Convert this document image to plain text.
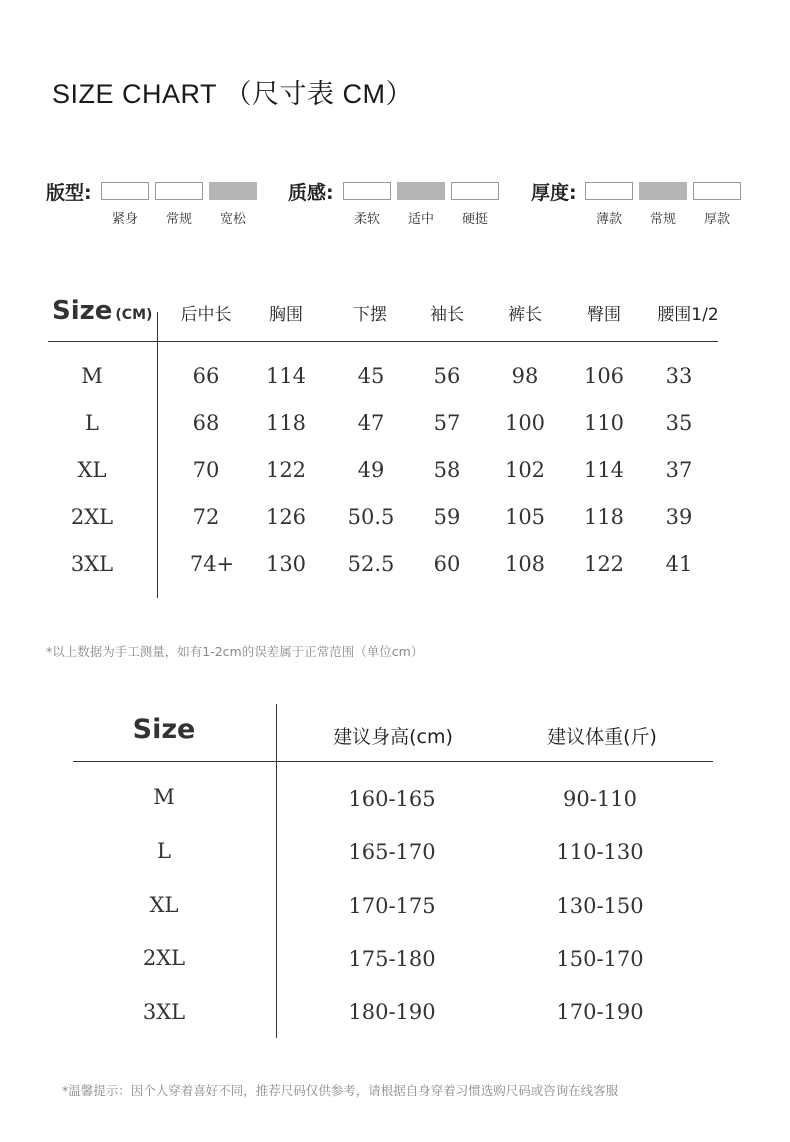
SIZE CHART （尺寸表 CM）
版型:
紧身	常规	宽松
质感:
柔软	适中	硬挺
厚度:
薄款	常规	厚款
Size (CM)	后中长	胸围	下摆	袖长	裤长	臀围	腰围1/2
M	66	114	45	56	98	106	33
L	68	118	47	57	100	110	35
XL	70	122	49	58	102	114	37
2XL	72	126	50.5	59	105	118	39
3XL	74+	130	52.5	60	108	122	41
*以上数据为手工测量，如有1-2cm的误差属于正常范围（单位cm）
Size	建议身高(cm)	建议体重(斤)
M	160-165	90-110
L	165-170	110-130
XL	170-175	130-150
2XL	175-180	150-170
3XL	180-190	170-190
*温馨提示：因个人穿着喜好不同，推荐尺码仅供参考，请根据自身穿着习惯选购尺码或咨询在线客服
